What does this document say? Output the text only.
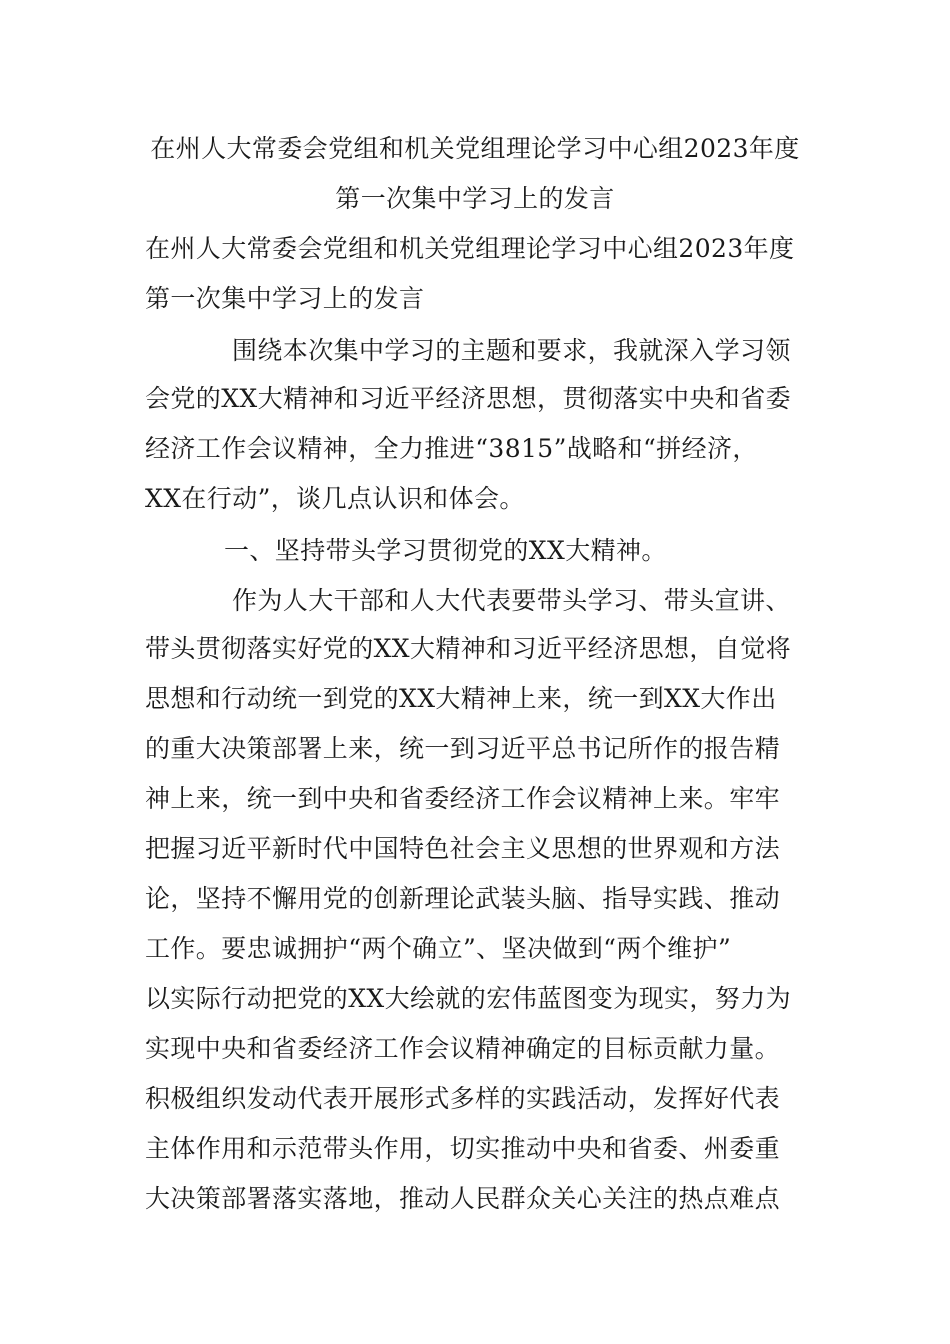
在州人大常委会党组和机关党组理论学习中心组2023年度
第一次集中学习上的发言
在州人大常委会党组和机关党组理论学习中心组2023年度
第一次集中学习上的发言
围绕本次集中学习的主题和要求，我就深入学习领
会党的XX大精神和习近平经济思想，贯彻落实中央和省委
经济工作会议精神，全力推进“3815”战略和“拼经济，
XX在行动”，谈几点认识和体会。
一、坚持带头学习贯彻党的XX大精神。
作为人大干部和人大代表要带头学习、带头宣讲、
带头贯彻落实好党的XX大精神和习近平经济思想，自觉将
思想和行动统一到党的XX大精神上来，统一到XX大作出
的重大决策部署上来，统一到习近平总书记所作的报告精
神上来，统一到中央和省委经济工作会议精神上来。牢牢
把握习近平新时代中国特色社会主义思想的世界观和方法
论，坚持不懈用党的创新理论武装头脑、指导实践、推动
工作。要忠诚拥护“两个确立”、坚决做到“两个维护”
以实际行动把党的XX大绘就的宏伟蓝图变为现实，努力为
实现中央和省委经济工作会议精神确定的目标贡献力量。
积极组织发动代表开展形式多样的实践活动，发挥好代表
主体作用和示范带头作用，切实推动中央和省委、州委重
大决策部署落实落地，推动人民群众关心关注的热点难点
